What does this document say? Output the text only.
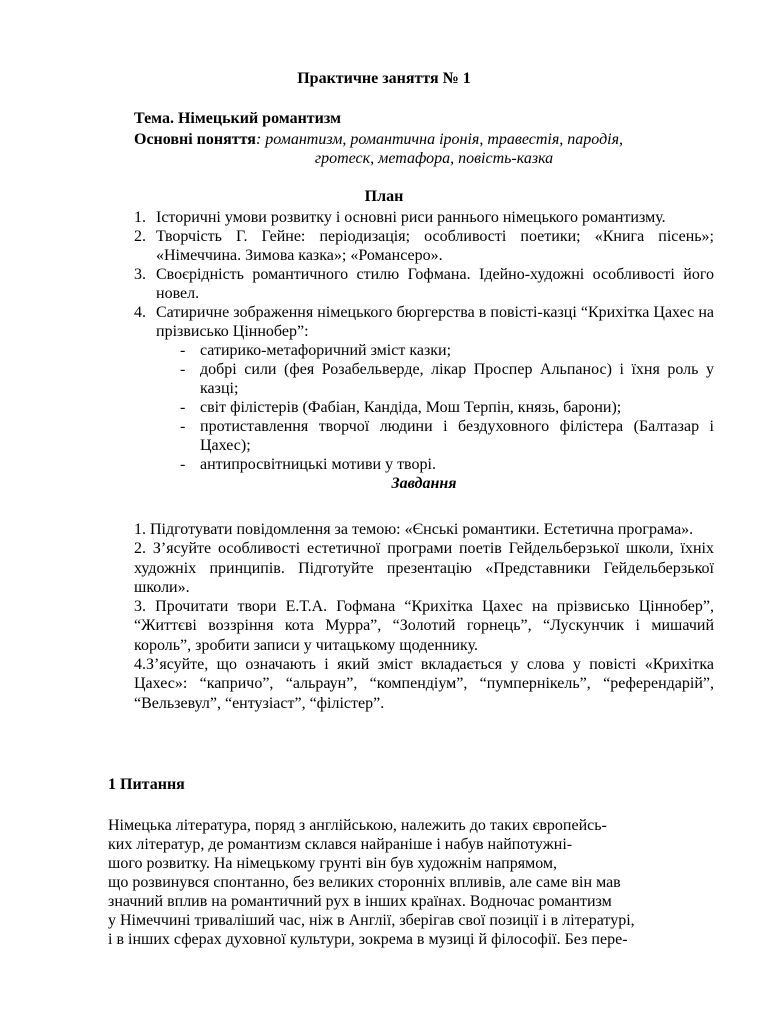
Практичне заняття № 1
Тема. Німецький романтизм
Основні поняття: романтизм, романтична іронія, травестія, пародія,
гротеск, метафора, повість-казка
План
1. Історичні умови розвитку і основні риси раннього німецького романтизму.
2. Творчість Г. Гейне: періодизація; особливості поетики; «Книга пісень»; «Німеччина. Зимова казка»; «Романсеро».
3. Своєрідність романтичного стилю Гофмана. Ідейно-художні особливості його новел.
4. Сатиричне зображення німецького бюргерства в повісті-казці “Крихітка Цахес на прізвисько Ціннобер”:
- сатирико-метафоричний зміст казки;
- добрі сили (фея Розабельверде, лікар Проспер Альпанос) і їхня роль у казці;
- світ філістерів (Фабіан, Кандіда, Мош Терпін, князь, барони);
- протиставлення творчої людини і бездуховного філістера (Балтазар і Цахес);
- антипросвітницькі мотиви у творі.
Завдання

1. Підготувати повідомлення за темою: «Єнські романтики. Естетична програма».

2. З’ясуйте особливості естетичної програми поетів Гейдельберзької школи, їхніх художніх принципів. Підготуйте презентацію «Представники Гейдельберзької школи».

3. Прочитати твори Е.Т.А. Гофмана “Крихітка Цахес на прізвисько Ціннобер”, “Життєві воззріння кота Мурра”, “Золотий горнець”, “Лускунчик і мишачий король”, зробити записи у читацькому щоденнику.

4.З’ясуйте, що означають і який зміст вкладається у слова у повісті «Крихітка Цахес»: “капричо”, “альраун”, “компендіум”, “пумпернікель”, “референдарій”, “Вельзевул”, “ентузіаст”, “філістер”.

1 Питання
Німецька література, поряд з англійською, належить до таких європейсь-
ких літератур, де романтизм склався найраніше і набув найпотужні-
шого розвитку. На німецькому грунті він був художнім напрямом,
що розвинувся спонтанно, без великих сторонніх впливів, але саме він мав
значний вплив на романтичний рух в інших країнах. Водночас романтизм
у Німеччині триваліший час, ніж в Англії, зберігав свої позиції і в літературі,
і в інших сферах духовної культури, зокрема в музиці й філософії. Без пере-
